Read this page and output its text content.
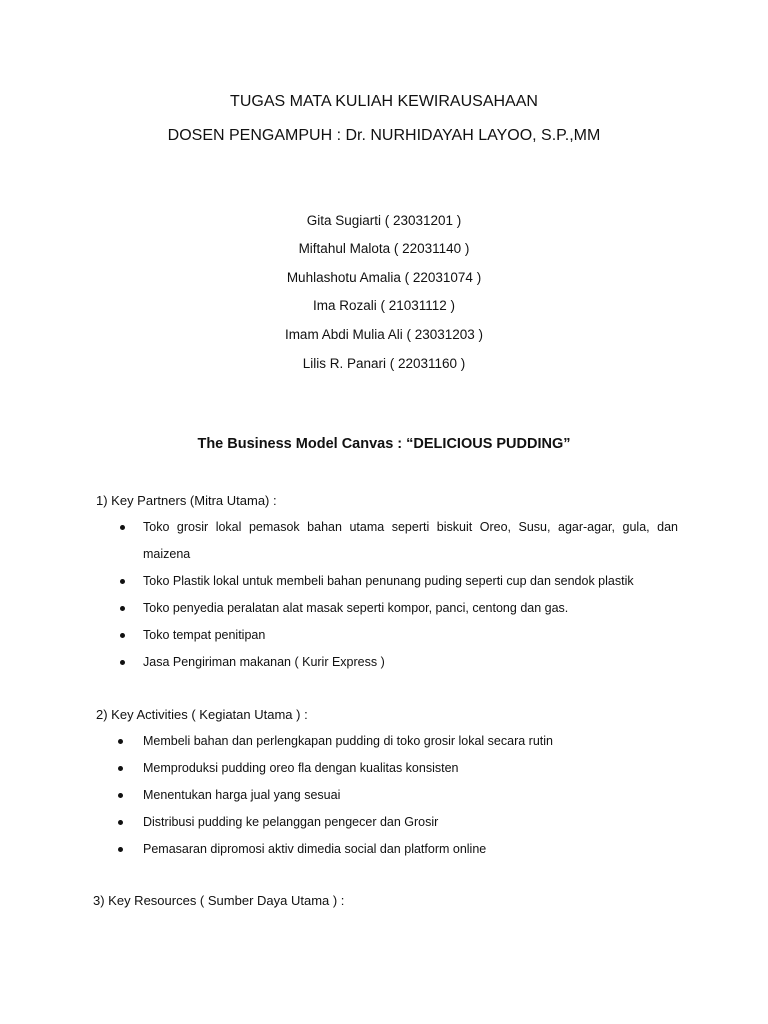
TUGAS MATA KULIAH KEWIRAUSAHAAN
DOSEN PENGAMPUH : Dr. NURHIDAYAH LAYOO, S.P.,MM
Gita Sugiarti ( 23031201 )
Miftahul Malota ( 22031140 )
Muhlashotu Amalia ( 22031074 )
Ima Rozali ( 21031112 )
Imam Abdi Mulia Ali ( 23031203 )
Lilis R. Panari ( 22031160 )
The Business Model Canvas : “DELICIOUS PUDDING”
1) Key Partners (Mitra Utama) :
Toko grosir lokal pemasok bahan utama seperti biskuit Oreo, Susu, agar-agar, gula, dan maizena
Toko Plastik lokal untuk membeli bahan penunang puding seperti cup dan sendok plastik
Toko penyedia peralatan alat masak seperti kompor, panci, centong dan gas.
Toko tempat penitipan
Jasa Pengiriman makanan ( Kurir Express )
2) Key Activities ( Kegiatan Utama ) :
Membeli bahan dan perlengkapan pudding di toko grosir lokal secara rutin
Memproduksi pudding oreo fla dengan kualitas konsisten
Menentukan harga jual yang sesuai
Distribusi pudding ke pelanggan pengecer dan Grosir
Pemasaran dipromosi aktiv dimedia social dan platform online
3) Key Resources ( Sumber Daya Utama ) :
